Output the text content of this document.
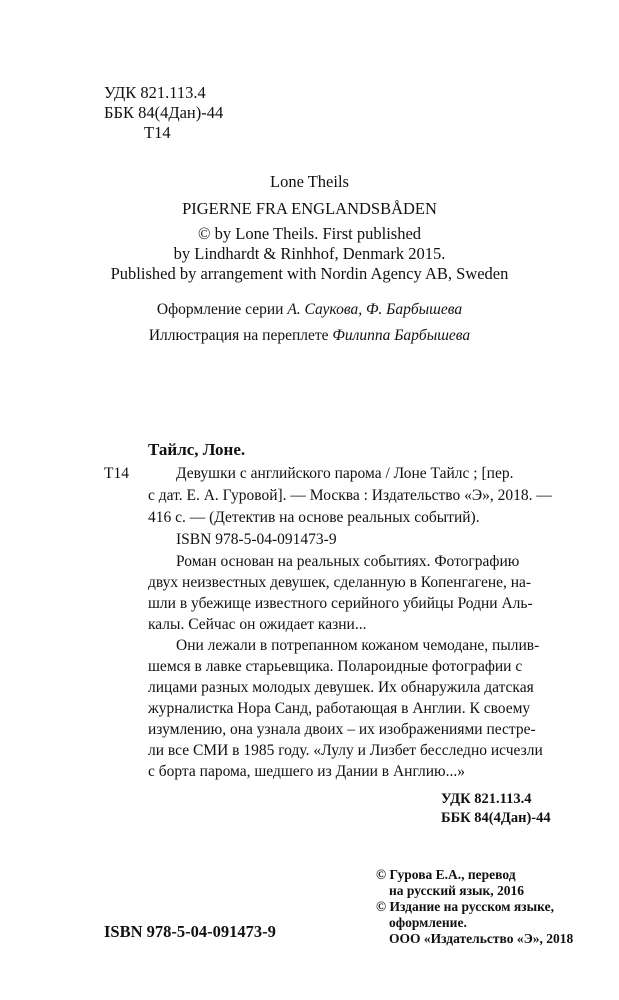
УДК 821.113.4
ББК 84(4Дан)-44
Т14
Lone Theils
PIGERNE FRA ENGLANDSBÅDEN
© by Lone Theils. First published
by Lindhardt & Rinhhof, Denmark 2015.
Published by arrangement with Nordin Agency AB, Sweden
Оформление серии А. Саукова, Ф. Барбышева
Иллюстрация на переплете Филиппа Барбышева
Тайлс, Лоне.
Т14	Девушки с английского парома / Лоне Тайлс ; [пер.
с дат. Е. А. Гуровой]. — Москва : Издательство «Э», 2018. —
416 с. — (Детектив на основе реальных событий).
ISBN 978-5-04-091473-9
Роман основан на реальных событиях. Фотографию
двух неизвестных девушек, сделанную в Копенгагене, на-
шли в убежище известного серийного убийцы Родни Аль-
калы. Сейчас он ожидает казни...
Они лежали в потрепанном кожаном чемодане, пылив-
шемся в лавке старьевщика. Полароидные фотографии с
лицами разных молодых девушек. Их обнаружила датская
журналистка Нора Санд, работающая в Англии. К своему
изумлению, она узнала двоих – их изображениями пестре-
ли все СМИ в 1985 году. «Лулу и Лизбет бесследно исчезли
с борта парома, шедшего из Дании в Англию...»
УДК 821.113.4
ББК 84(4Дан)-44
© Гурова Е.А., перевод
на русский язык, 2016
© Издание на русском языке,
оформление.
ООО «Издательство «Э», 2018
ISBN 978-5-04-091473-9
